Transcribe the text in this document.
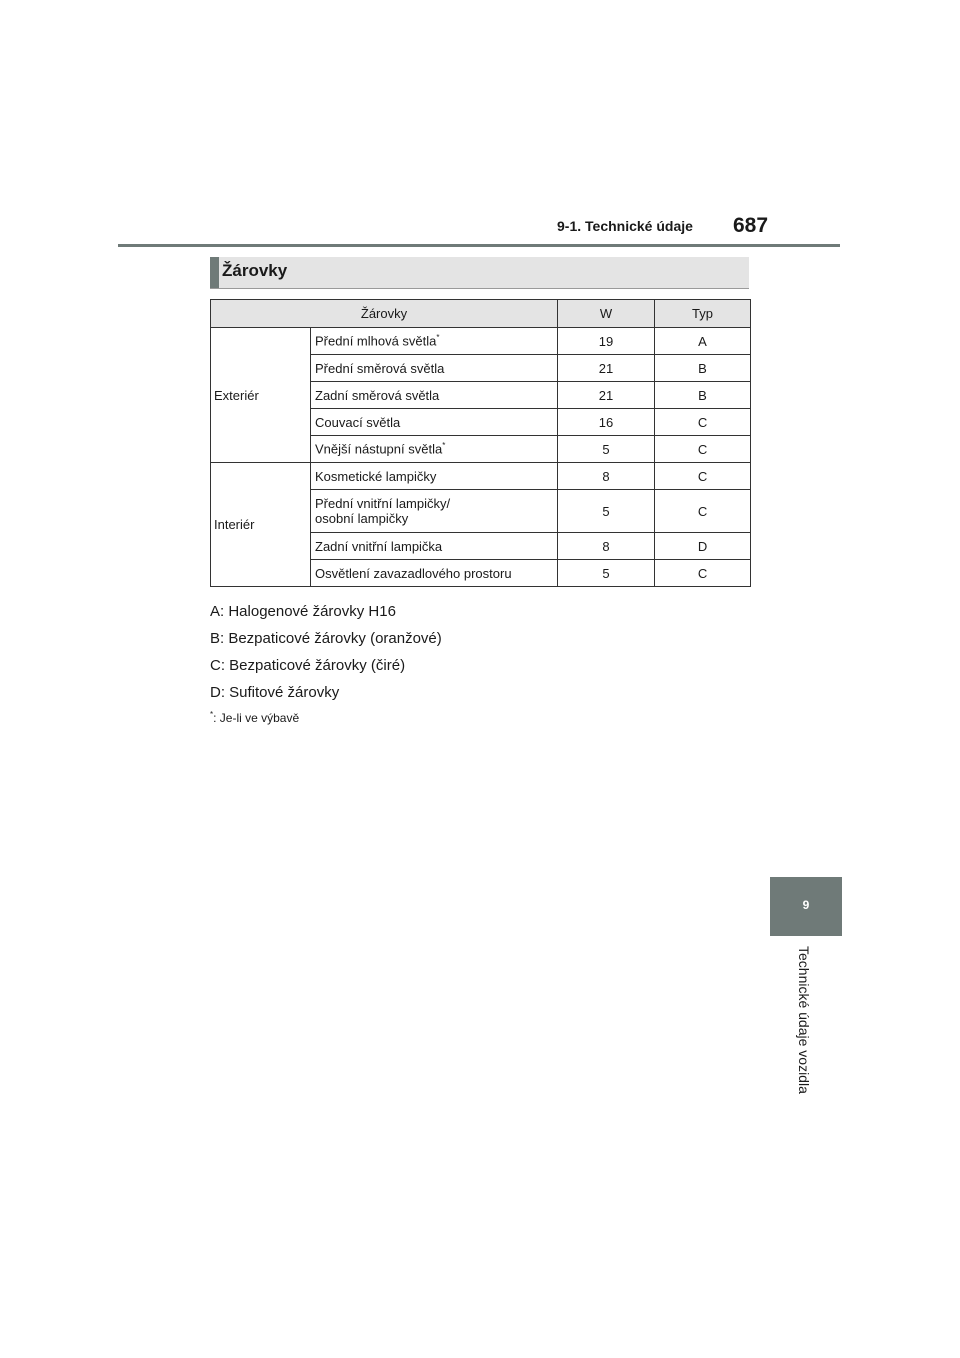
9-1. Technické údaje 687
Žárovky
Žárovky		W	Typ
Exteriér	Přední mlhová světla*	19	A
	Přední směrová světla	21	B
	Zadní směrová světla	21	B
	Couvací světla	16	C
	Vnější nástupní světla*	5	C
Interiér	Kosmetické lampičky	8	C
	Přední vnitřní lampičky/
osobní lampičky	5	C
	Zadní vnitřní lampička	8	D
	Osvětlení zavazadlového prostoru	5	C
A: Halogenové žárovky H16
B: Bezpaticové žárovky (oranžové)
C: Bezpaticové žárovky (čiré)
D: Sufitové žárovky
*: Je-li ve výbavě
9
Technické údaje vozidla
